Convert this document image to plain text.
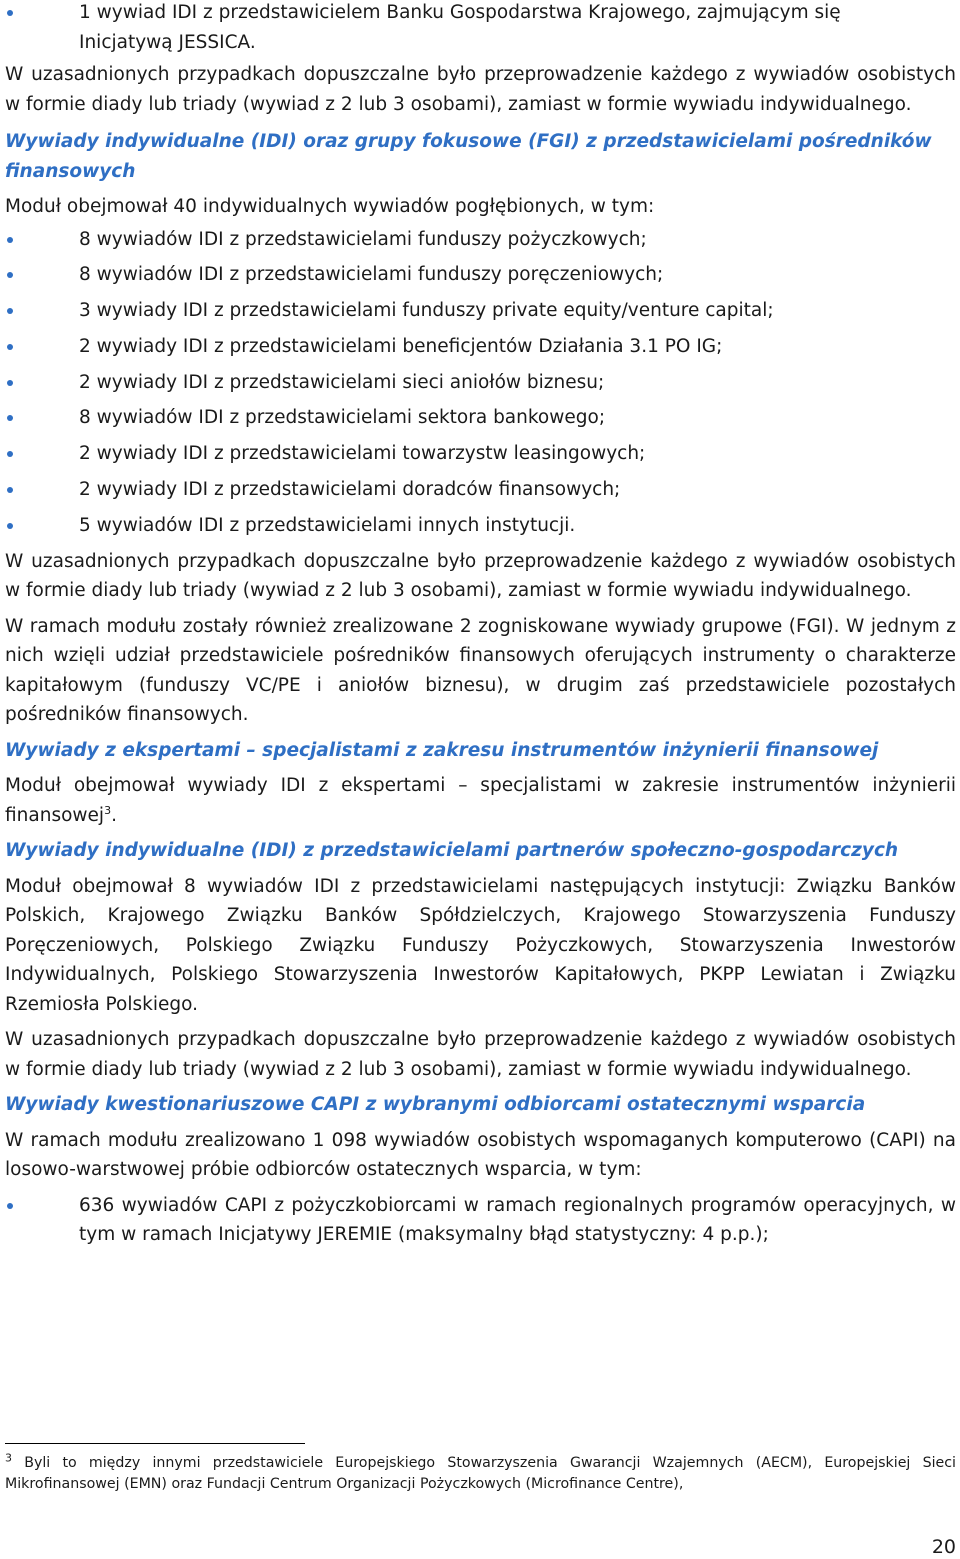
1 wywiad IDI z przedstawicielem Banku Gospodarstwa Krajowego, zajmującym się
Inicjatywą JESSICA.

W uzasadnionych przypadkach dopuszczalne było przeprowadzenie każdego z wywiadów osobistych w formie diady lub triady (wywiad z 2 lub 3 osobami), zamiast w formie wywiadu indywidualnego.

Wywiady indywidualne (IDI) oraz grupy fokusowe (FGI) z przedstawicielami pośredników finansowych

Moduł obejmował 40 indywidualnych wywiadów pogłębionych, w tym:

8 wywiadów IDI z przedstawicielami funduszy pożyczkowych;
8 wywiadów IDI z przedstawicielami funduszy poręczeniowych;
3 wywiady IDI z przedstawicielami funduszy private equity/venture capital;
2 wywiady IDI z przedstawicielami beneficjentów Działania 3.1 PO IG;
2 wywiady IDI z przedstawicielami sieci aniołów biznesu;
8 wywiadów IDI z przedstawicielami sektora bankowego;
2 wywiady IDI z przedstawicielami towarzystw leasingowych;
2 wywiady IDI z przedstawicielami doradców finansowych;
5 wywiadów IDI z przedstawicielami innych instytucji.

W uzasadnionych przypadkach dopuszczalne było przeprowadzenie każdego z wywiadów osobistych w formie diady lub triady (wywiad z 2 lub 3 osobami), zamiast w formie wywiadu indywidualnego.

W ramach modułu zostały również zrealizowane 2 zogniskowane wywiady grupowe (FGI). W jednym z nich wzięli udział przedstawiciele pośredników finansowych oferujących instrumenty o charakterze kapitałowym (funduszy VC/PE i aniołów biznesu), w drugim zaś przedstawiciele pozostałych pośredników finansowych.

Wywiady z ekspertami – specjalistami z zakresu instrumentów inżynierii finansowej

Moduł obejmował wywiady IDI z ekspertami – specjalistami w zakresie instrumentów inżynierii finansowej$^3$.

Wywiady indywidualne (IDI) z przedstawicielami partnerów społeczno-gospodarczych

Moduł obejmował 8 wywiadów IDI z przedstawicielami następujących instytucji: Związku Banków Polskich, Krajowego Związku Banków Spółdzielczych, Krajowego Stowarzyszenia Funduszy Poręczeniowych, Polskiego Związku Funduszy Pożyczkowych, Stowarzyszenia Inwestorów Indywidualnych, Polskiego Stowarzyszenia Inwestorów Kapitałowych, PKPP Lewiatan i Związku Rzemiosła Polskiego.

W uzasadnionych przypadkach dopuszczalne było przeprowadzenie każdego z wywiadów osobistych w formie diady lub triady (wywiad z 2 lub 3 osobami), zamiast w formie wywiadu indywidualnego.

Wywiady kwestionariuszowe CAPI z wybranymi odbiorcami ostatecznymi wsparcia

W ramach modułu zrealizowano 1 098 wywiadów osobistych wspomaganych komputerowo (CAPI) na losowo-warstwowej próbie odbiorców ostatecznych wsparcia, w tym:

636 wywiadów CAPI z pożyczkobiorcami w ramach regionalnych programów operacyjnych, w tym w ramach Inicjatywy JEREMIE (maksymalny błąd statystyczny: 4 p.p.);

$^3$ Byli to między innymi przedstawiciele Europejskiego Stowarzyszenia Gwarancji Wzajemnych (AECM), Europejskiej Sieci Mikrofinansowej (EMN) oraz Fundacji Centrum Organizacji Pożyczkowych (Microfinance Centre),

20
